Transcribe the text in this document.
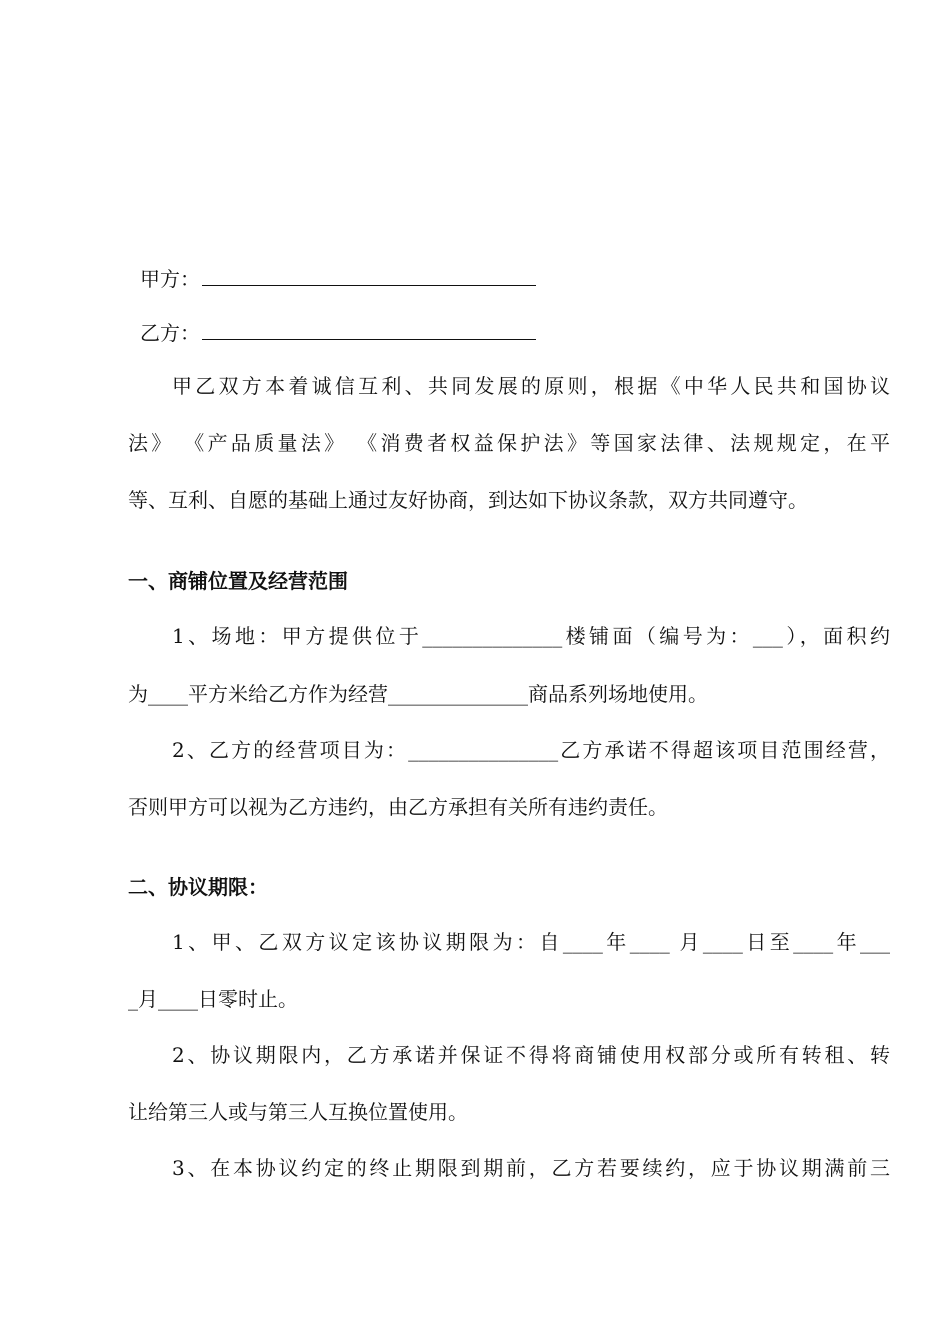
甲方：
乙方：
甲乙双方本着诚信互利、共同发展的原则，根据《中华人民共和国协议
法》 《产品质量法》 《消费者权益保护法》等国家法律、法规规定，在平
等、互利、自愿的基础上通过友好协商，到达如下协议条款，双方共同遵守。
一、商铺位置及经营范围
1、场地：甲方提供位于______________楼铺面（编号为：___），面积约
为____平方米给乙方作为经营______________商品系列场地使用。
2、乙方的经营项目为：_______________乙方承诺不得超该项目范围经营，
否则甲方可以视为乙方违约，由乙方承担有关所有违约责任。
二、协议期限：
1、甲、乙双方议定该协议期限为：自____年____ 月____日至____年___
_月____日零时止。
2、协议期限内，乙方承诺并保证不得将商铺使用权部分或所有转租、转
让给第三人或与第三人互换位置使用。
3、在本协议约定的终止期限到期前，乙方若要续约，应于协议期满前三
